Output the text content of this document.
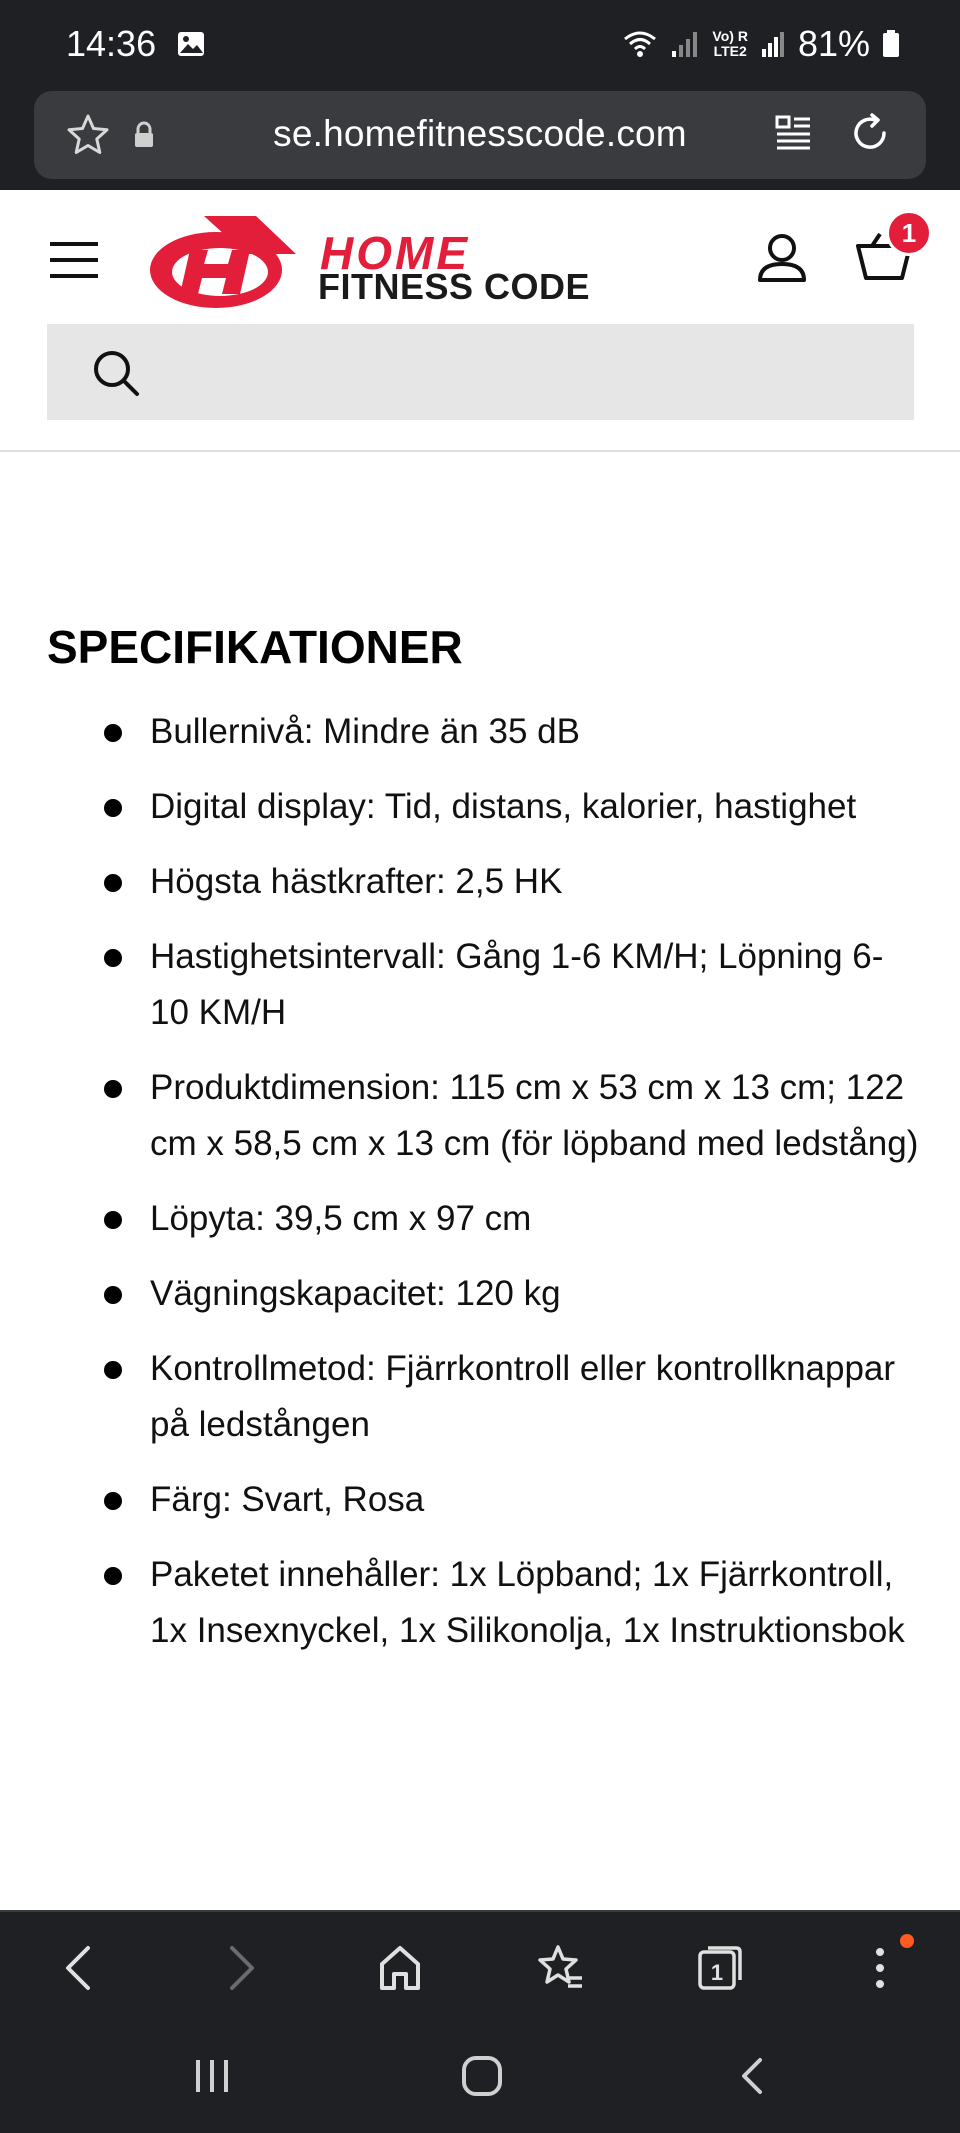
14:36	Vo) R
LTE2 81%
se.homefitnesscode.com
HOME
FITNESS CODE
1
SPECIFIKATIONER
Bullernivå: Mindre än 35 dB
Digital display: Tid, distans, kalorier, hastighet
Högsta hästkrafter: 2,5 HK
Hastighetsintervall: Gång 1-6 KM/H; Löpning 6-10 KM/H
Produktdimension: 115 cm x 53 cm x 13 cm; 122 cm x 58,5 cm x 13 cm (för löpband med ledstång)
Löpyta: 39,5 cm x 97 cm
Vägningskapacitet: 120 kg
Kontrollmetod: Fjärrkontroll eller kontrollknappar på ledstången
Färg: Svart, Rosa
Paketet innehåller: 1x Löpband; 1x Fjärrkontroll, 1x Insexnyckel, 1x Silikonolja, 1x Instruktionsbok
1
